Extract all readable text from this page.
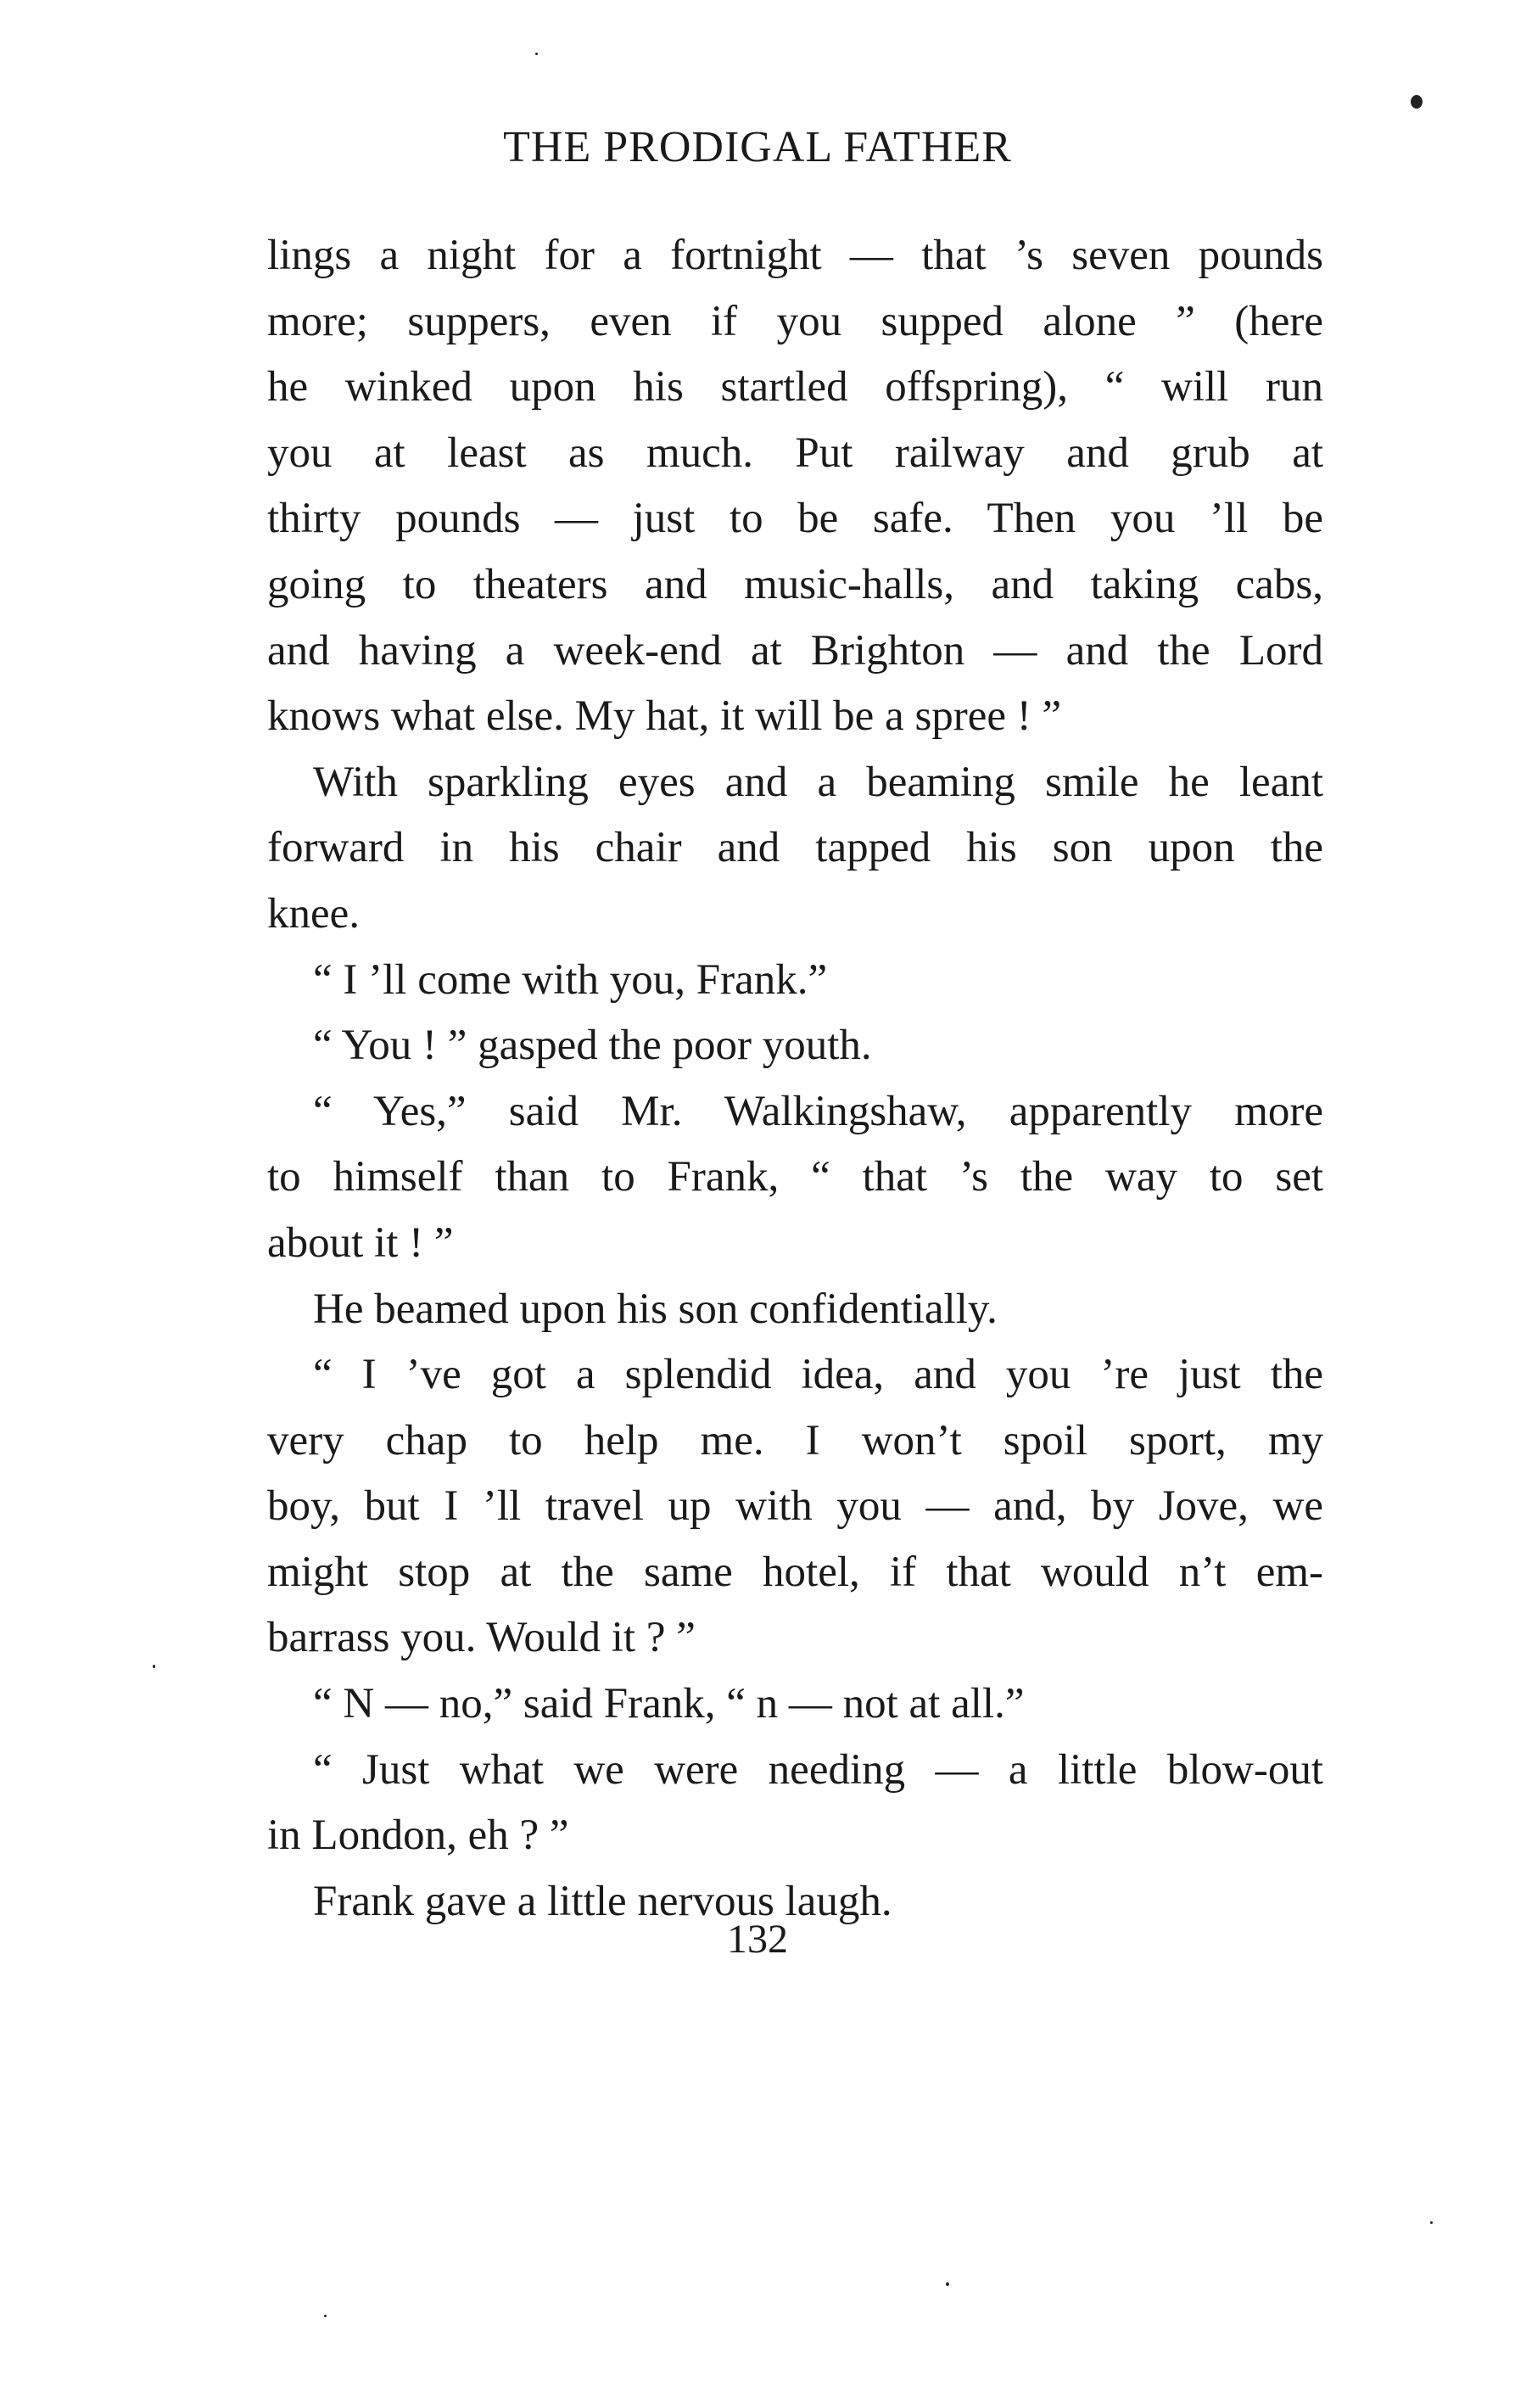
THE PRODIGAL FATHER
lings a night for a fortnight — that ’s seven pounds
more; suppers, even if you supped alone ” (here
he winked upon his startled offspring), “ will run
you at least as much. Put railway and grub at
thirty pounds — just to be safe. Then you ’ll be
going to theaters and music-halls, and taking cabs,
and having a week-end at Brighton — and the Lord
knows what else. My hat, it will be a spree ! ”
With sparkling eyes and a beaming smile he leant
forward in his chair and tapped his son upon the
knee.
“ I ’ll come with you, Frank.”
“ You ! ” gasped the poor youth.
“ Yes,” said Mr. Walkingshaw, apparently more
to himself than to Frank, “ that ’s the way to set
about it ! ”
He beamed upon his son confidentially.
“ I ’ve got a splendid idea, and you ’re just the
very chap to help me. I won’t spoil sport, my
boy, but I ’ll travel up with you — and, by Jove, we
might stop at the same hotel, if that would n’t em-
barrass you. Would it ? ”
“ N — no,” said Frank, “ n — not at all.”
“ Just what we were needing — a little blow-out
in London, eh ? ”
Frank gave a little nervous laugh.
132
